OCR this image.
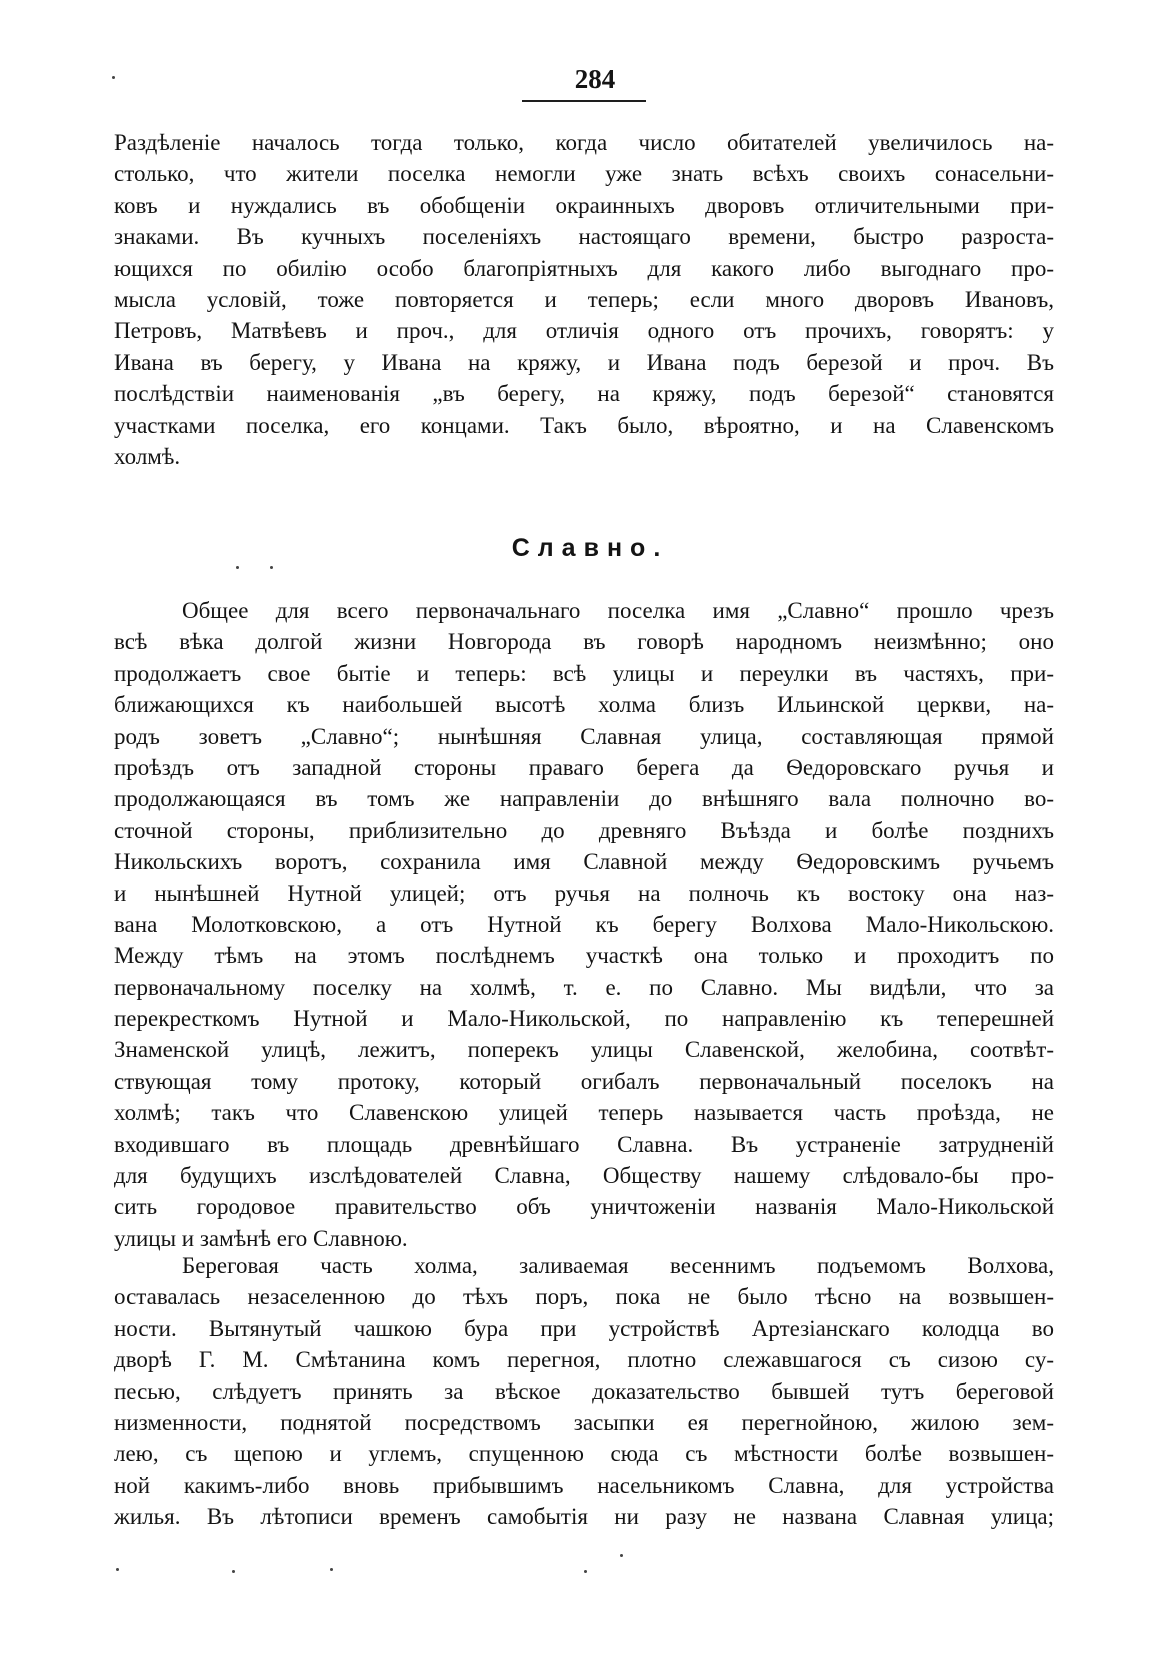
284
Раздѣленіе началось тогда только, когда число обитателей увеличилось на-
столько, что жители поселка немогли уже знать всѣхъ своихъ сонасельни-
ковъ и нуждались въ обобщеніи окраинныхъ дворовъ отличительными при-
знаками. Въ кучныхъ поселеніяхъ настоящаго времени, быстро разроста-
ющихся по обилію особо благопріятныхъ для какого либо выгоднаго про-
мысла условій, тоже повторяется и теперь; если много дворовъ Ивановъ,
Петровъ, Матвѣевъ и проч., для отличія одного отъ прочихъ, говорятъ: у
Ивана въ берегу, у Ивана на кряжу, и Ивана подъ березой и проч. Въ
послѣдствіи наименованія „въ берегу, на кряжу, подъ березой“ становятся
участками поселка, его концами. Такъ было, вѣроятно, и на Славенскомъ
холмѣ.
Славно.
Общее для всего первоначальнаго поселка имя „Славно“ прошло чрезъ
всѣ вѣка долгой жизни Новгорода въ говорѣ народномъ неизмѣнно; оно
продолжаетъ свое бытіе и теперь: всѣ улицы и переулки въ частяхъ, при-
ближающихся къ наибольшей высотѣ холма близъ Ильинской церкви, на-
родъ зоветъ „Славно“; нынѣшняя Славная улица, составляющая прямой
проѣздъ отъ западной стороны праваго берега да Ѳедоровскаго ручья и
продолжающаяся въ томъ же направленіи до внѣшняго вала полночно во-
сточной стороны, приблизительно до древняго Въѣзда и болѣе позднихъ
Никольскихъ воротъ, сохранила имя Славной между Ѳедоровскимъ ручьемъ
и нынѣшней Нутной улицей; отъ ручья на полночь къ востоку она наз-
вана Молотковскою, а отъ Нутной къ берегу Волхова Мало-Никольскою.
Между тѣмъ на этомъ послѣднемъ участкѣ она только и проходитъ по
первоначальному поселку на холмѣ, т. е. по Славно. Мы видѣли, что за
перекресткомъ Нутной и Мало-Никольской, по направленію къ теперешней
Знаменской улицѣ, лежитъ, поперекъ улицы Славенской, желобина, соотвѣт-
ствующая тому протоку, который огибалъ первоначальный поселокъ на
холмѣ; такъ что Славенскою улицей теперь называется часть проѣзда, не
входившаго въ площадь древнѣйшаго Славна. Въ устраненіе затрудненій
для будущихъ изслѣдователей Славна, Обществу нашему слѣдовало-бы про-
сить городовое правительство объ уничтоженіи названія Мало-Никольской
улицы и замѣнѣ его Славною.
Береговая часть холма, заливаемая весеннимъ подъемомъ Волхова,
оставалась незаселенною до тѣхъ поръ, пока не было тѣсно на возвышен-
ности. Вытянутый чашкою бура при устройствѣ Артезіанскаго колодца во
дворѣ Г. М. Смѣтанина комъ перегноя, плотно слежавшагося съ сизою су-
песью, слѣдуетъ принять за вѣское доказательство бывшей тутъ береговой
низменности, поднятой посредствомъ засыпки ея перегнойною, жилою зем-
лею, съ щепою и углемъ, спущенною сюда съ мѣстности болѣе возвышен-
ной какимъ-либо вновь прибывшимъ насельникомъ Славна, для устройства
жилья. Въ лѣтописи временъ самобытія ни разу не названа Славная улица;
